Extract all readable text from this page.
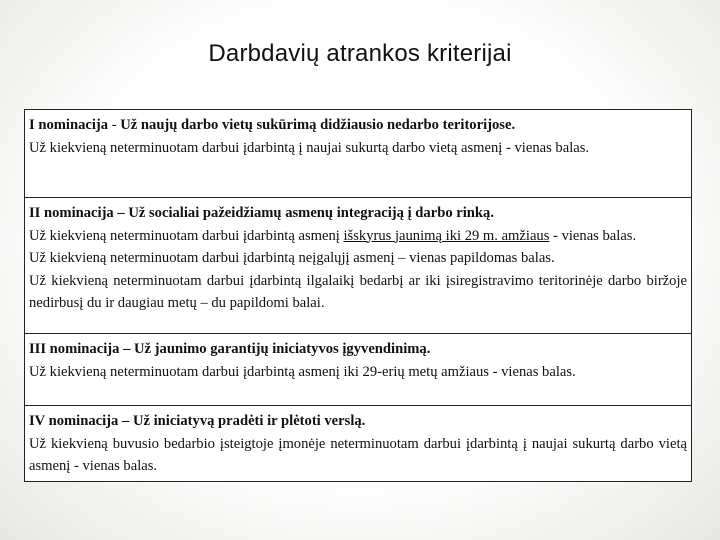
Darbdavių atrankos kriterijai

I nominacija - Už naujų darbo vietų sukūrimą didžiausio nedarbo teritorijose.

Už kiekvieną neterminuotam darbui įdarbintą į naujai sukurtą darbo vietą asmenį - vienas balas.

II nominacija – Už socialiai pažeidžiamų asmenų integraciją į darbo rinką.

Už kiekvieną neterminuotam darbui įdarbintą asmenį išskyrus jaunimą iki 29 m. amžiaus - vienas balas.

Už kiekvieną neterminuotam darbui įdarbintą neįgalųjį asmenį – vienas papildomas balas.

Už kiekvieną neterminuotam darbui įdarbintą ilgalaikį bedarbį ar iki įsiregistravimo teritorinėje darbo biržoje nedirbusį du ir daugiau metų – du papildomi balai.

III nominacija – Už jaunimo garantijų iniciatyvos įgyvendinimą.

Už kiekvieną neterminuotam darbui įdarbintą asmenį iki 29-erių metų amžiaus - vienas balas.

IV nominacija – Už iniciatyvą pradėti ir plėtoti verslą.

Už kiekvieną buvusio bedarbio įsteigtoje įmonėje neterminuotam darbui įdarbintą į naujai sukurtą darbo vietą asmenį - vienas balas.
